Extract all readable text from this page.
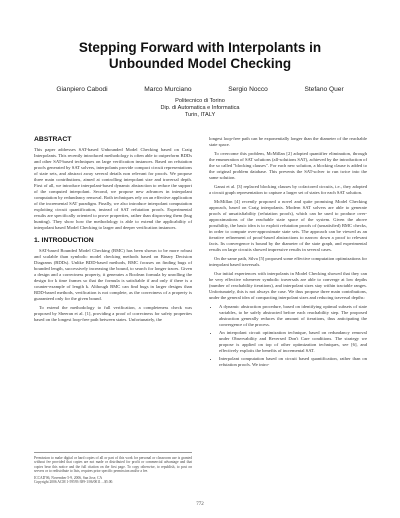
Stepping Forward with Interpolants in
Unbounded Model Checking
Gianpiero Cabodi	Marco Murciano	Sergio Nocco	Stefano Quer
Politecnico di Torino
Dip. di Automatica e Informatica
Turin, ITALY
ABSTRACT

This paper addresses SAT-based Unbounded Model Checking based on Craig Interpolants. This recently introduced methodology is often able to outperform BDDs and other SAT-based techniques on large verification instances. Based on refutation proofs generated by SAT solvers, interpolants provide compact circuit representations of state sets, and abstract away several details non relevant for proofs. We propose three main contributions, aimed at controlling interpolant size and traversal depth. First of all, we introduce interpolant-based dynamic abstraction to reduce the support of the computed interpolant. Second, we propose new advances in interpolant computation by redundancy removal. Both techniques rely on an effective application of the incremental SAT paradigm. Finally, we also introduce interpolant computation exploiting circuit quantification, instead of SAT refutation proofs. Experimental results are specifically oriented to prove properties, rather than disproving them (bug hunting). They show how the methodology is able to extend the applicability of interpolant based Model Checking to larger and deeper verification instances.

1. INTRODUCTION

SAT-based Bounded Model Checking (BMC) has been shown to be more robust and scalable than symbolic model checking methods based on Binary Decision Diagrams (BDDs). Unlike BDD-based methods, BMC focuses on finding bugs of bounded length, successively increasing the bound, to search for longer traces. Given a design and a correctness property, it generates a Boolean formula by unrolling the design for k time frames so that the formula is satisfiable if and only if there is a counter-example of length k. Although BMC can find bugs in larger designs than BDD-based methods, verification is not complete, as the correctness of a property is guaranteed only for the given bound.

To extend the methodology to full verification, a completeness check was proposed by Sheeran et al. [1], providing a proof of correctness for safety properties based on the longest loop-free path between states. Unfortunately, the

longest loop-free path can be exponentially longer than the diameter of the reachable state space.

To overcome this problem, McMillan [2] adopted quantifier elimination, through the enumeration of SAT solutions (all-solutions SAT), achieved by the introduction of the so called "blocking clauses". For each new solution, a blocking clause is added to the original problem database. This prevents the SAT-solver to run twice into the same solution.

Ganai et al. [3] replaced blocking clauses by cofactored circuits, i.e., they adopted a circuit graph representation to capture a larger set of states for each SAT solution.

McMillan [4] recently proposed a novel and quite promising Model Checking approach, based on Craig interpolants. Modern SAT solvers are able to generate proofs of unsatisfiability (refutation proofs), which can be used to produce over-approximations of the reachable state space of the system. Given the above possibility, the basic idea is to exploit refutation proofs of (unsatisfied) BMC checks, in order to compute over-approximate state sets. The approach can be viewed as an iterative refinement of proof-based abstractions to narrow down a proof to relevant facts. Its convergence is bound by the diameter of the state graph, and experimental results on large circuits showed impressive results in several cases.

On the same path, Silva [5] proposed some effective computation optimizations for interpolant based traversals.

Our initial experiences with interpolants in Model Checking showed that they can be very effective whenever symbolic traversals are able to converge at low depths (number of reachability iterations), and interpolant sizes stay within tractable ranges. Unfortunately, this is not always the case. We thus propose three main contributions, under the general idea of compacting interpolant sizes and reducing traversal depths:

• A dynamic abstraction procedure, based on identifying optimal subsets of state variables, to be safely abstracted before each reachability step. The proposed abstraction generally reduces the amount of iterations, thus anticipating the convergence of the process.
• An interpolant circuit optimization technique, based on redundancy removal under Observability and Reversed Don't Care conditions. The strategy we propose is applied on top of other optimization techniques, see [6], and effectively exploits the benefits of incremental SAT.
• Interpolant computation based on circuit based quantification, rather than on refutation proofs. We intro-
Permission to make digital or hard copies of all or part of this work for personal or classroom use is granted without fee provided that copies are not made or distributed for profit or commercial advantage and that copies bear this notice and the full citation on the first page. To copy otherwise, to republish, to post on servers or to redistribute to lists, requires prior specific permission and/or a fee.
ICCAD'06, November 5-9, 2006, San Jose, CA
Copyright 2006 ACM 1-59593-389-1/06/0011 ...$5.00.
772
